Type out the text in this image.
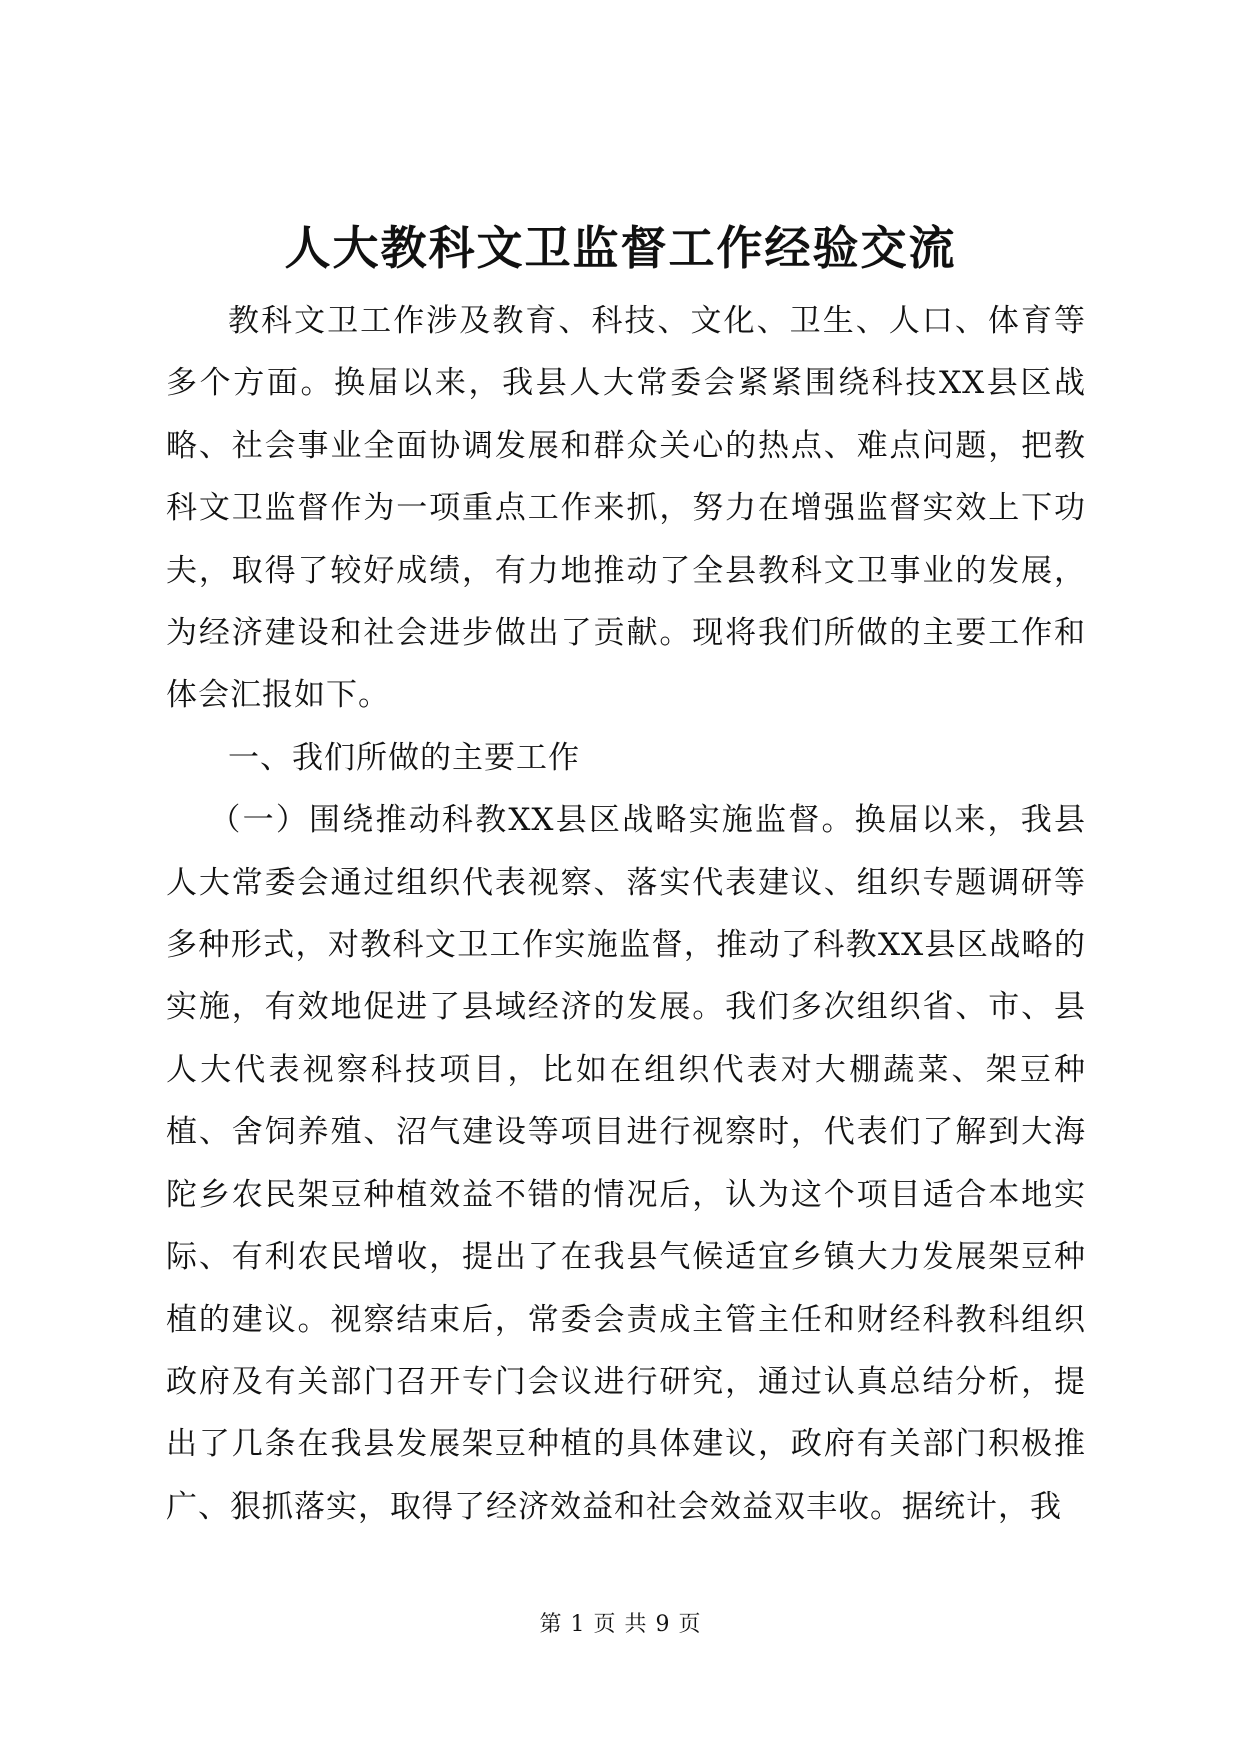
人大教科文卫监督工作经验交流

教科文卫工作涉及教育、科技、文化、卫生、人口、体育等多个方面。换届以来，我县人大常委会紧紧围绕科技XX县区战略、社会事业全面协调发展和群众关心的热点、难点问题，把教科文卫监督作为一项重点工作来抓，努力在增强监督实效上下功夫，取得了较好成绩，有力地推动了全县教科文卫事业的发展，为经济建设和社会进步做出了贡献。现将我们所做的主要工作和体会汇报如下。

一、我们所做的主要工作

（一）围绕推动科教XX县区战略实施监督。换届以来，我县人大常委会通过组织代表视察、落实代表建议、组织专题调研等多种形式，对教科文卫工作实施监督，推动了科教XX县区战略的实施，有效地促进了县域经济的发展。我们多次组织省、市、县人大代表视察科技项目，比如在组织代表对大棚蔬菜、架豆种植、舍饲养殖、沼气建设等项目进行视察时，代表们了解到大海陀乡农民架豆种植效益不错的情况后，认为这个项目适合本地实际、有利农民增收，提出了在我县气候适宜乡镇大力发展架豆种植的建议。视察结束后，常委会责成主管主任和财经科教科组织政府及有关部门召开专门会议进行研究，通过认真总结分析，提出了几条在我县发展架豆种植的具体建议，政府有关部门积极推广、狠抓落实，取得了经济效益和社会效益双丰收。据统计，我

第 1 页 共 9 页
